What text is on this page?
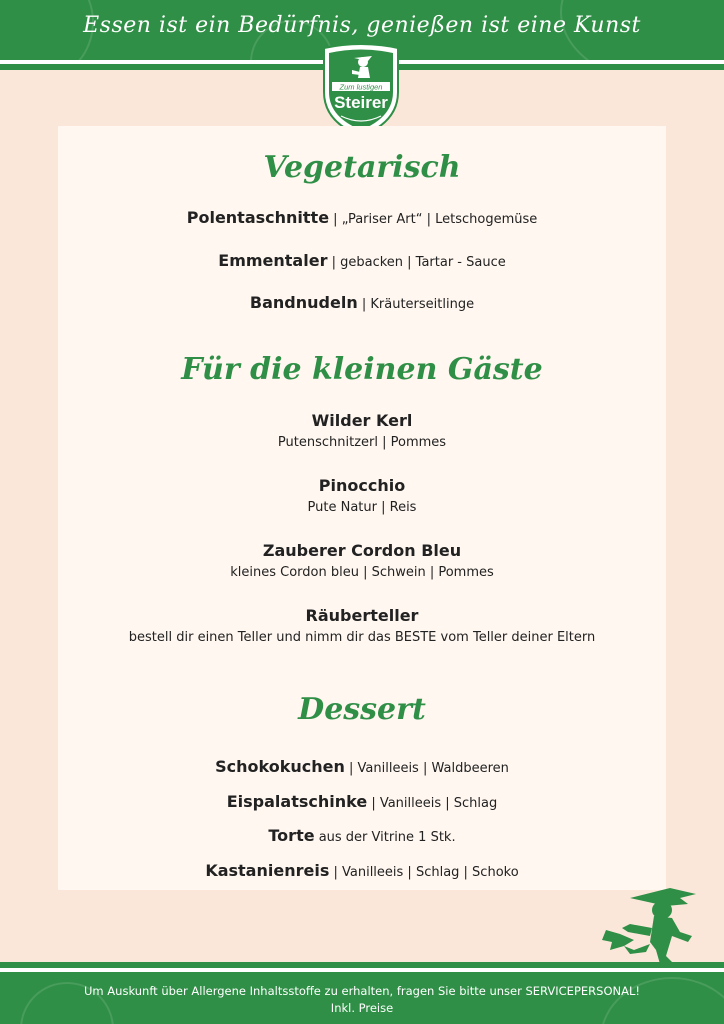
Essen ist ein Bedürfnis, genießen ist eine Kunst
Zum lustigen
Steirer
Vegetarisch
Polentaschnitte | „Pariser Art“ | Letschogemüse
Emmentaler | gebacken | Tartar - Sauce
Bandnudeln | Kräuterseitlinge
Für die kleinen Gäste
Wilder Kerl
Putenschnitzerl | Pommes
Pinocchio
Pute Natur | Reis
Zauberer Cordon Bleu
kleines Cordon bleu | Schwein | Pommes
Räuberteller
bestell dir einen Teller und nimm dir das BESTE vom Teller deiner Eltern
Dessert
Schokokuchen | Vanilleeis | Waldbeeren
Eispalatschinke | Vanilleeis | Schlag
Torte aus der Vitrine 1 Stk.
Kastanienreis | Vanilleeis | Schlag | Schoko
Um Auskunft über Allergene Inhaltsstoffe zu erhalten, fragen Sie bitte unser SERVICEPERSONAL!
Inkl. Preise
